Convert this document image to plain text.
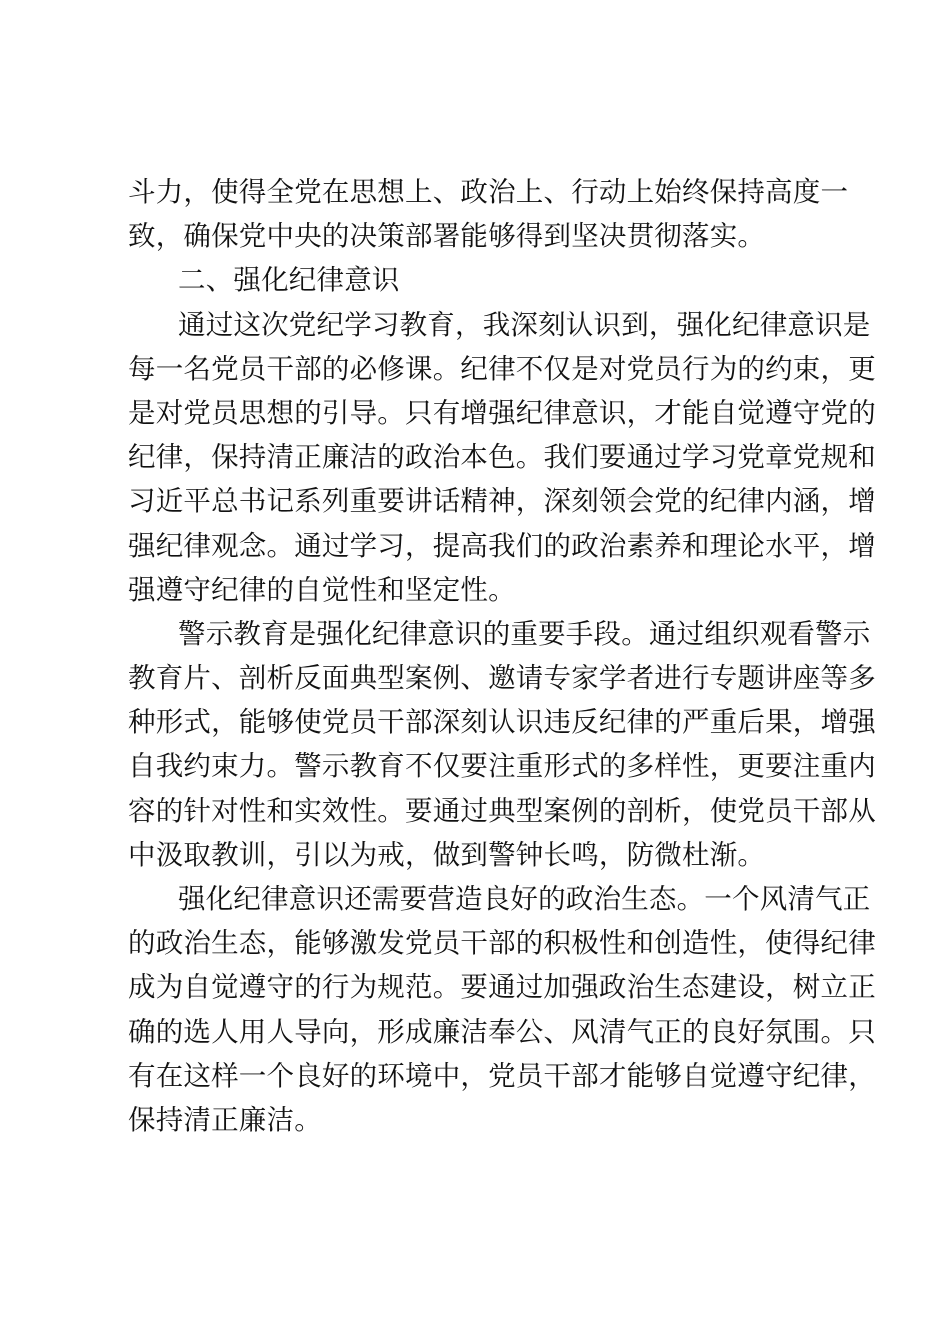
斗力，使得全党在思想上、政治上、行动上始终保持高度一
致，确保党中央的决策部署能够得到坚决贯彻落实。
二、强化纪律意识
通过这次党纪学习教育，我深刻认识到，强化纪律意识是
每一名党员干部的必修课。纪律不仅是对党员行为的约束，更
是对党员思想的引导。只有增强纪律意识，才能自觉遵守党的
纪律，保持清正廉洁的政治本色。我们要通过学习党章党规和
习近平总书记系列重要讲话精神，深刻领会党的纪律内涵，增
强纪律观念。通过学习，提高我们的政治素养和理论水平，增
强遵守纪律的自觉性和坚定性。
警示教育是强化纪律意识的重要手段。通过组织观看警示
教育片、剖析反面典型案例、邀请专家学者进行专题讲座等多
种形式，能够使党员干部深刻认识违反纪律的严重后果，增强
自我约束力。警示教育不仅要注重形式的多样性，更要注重内
容的针对性和实效性。要通过典型案例的剖析，使党员干部从
中汲取教训，引以为戒，做到警钟长鸣，防微杜渐。
强化纪律意识还需要营造良好的政治生态。一个风清气正
的政治生态，能够激发党员干部的积极性和创造性，使得纪律
成为自觉遵守的行为规范。要通过加强政治生态建设，树立正
确的选人用人导向，形成廉洁奉公、风清气正的良好氛围。只
有在这样一个良好的环境中，党员干部才能够自觉遵守纪律，
保持清正廉洁。
